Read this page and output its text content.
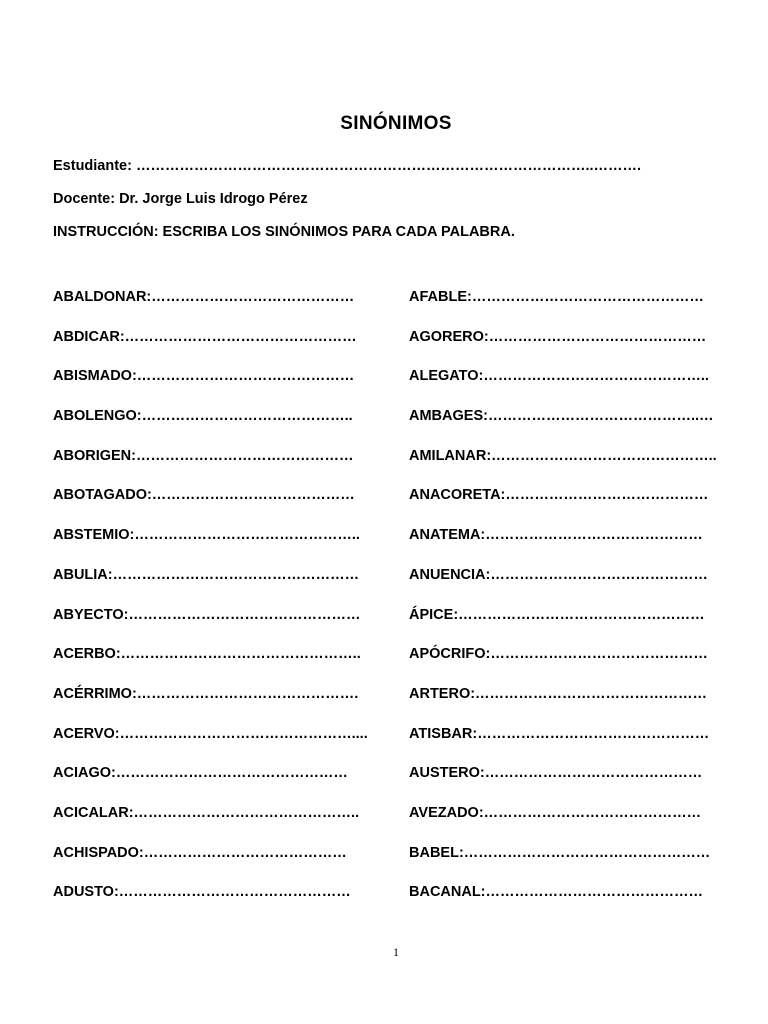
SINÓNIMOS
Estudiante: …………………………………………………………………………………..……….
Docente: Dr. Jorge Luis Idrogo Pérez
INSTRUCCIÓN: ESCRIBA LOS SINÓNIMOS PARA CADA PALABRA.
ABALDONAR:……………………………………
ABDICAR:…………………………………………
ABISMADO:………………………………………
ABOLENGO:……………………………………..
ABORIGEN:………………………………………
ABOTAGADO:……………………………………
ABSTEMIO:………………………………………..
ABULIA:……………………………………………
ABYECTO:…………………………………………
ACERBO:…………………………………………..
ACÉRRIMO:……………………………………….
ACERVO:…………………………………………....
ACIAGO:…………………………………………
ACICALAR:………………………………………..
ACHISPADO:……………………………………
ADUSTO:…………………………………………
AFABLE:…………………………………………
AGORERO:………………………………………
ALEGATO:………………………………………..
AMBAGES:……………………………………..…
AMILANAR:………………………………………..
ANACORETA:……………………………………
ANATEMA:………………………………………
ANUENCIA:………………………………………
ÁPICE:……………………………………………
APÓCRIFO:………………………………………
ARTERO:…………………………………………
ATISBAR:…………………………………………
AUSTERO:………………………………………
AVEZADO:………………………………………
BABEL:……………………………………………
BACANAL:………………………………………
1
